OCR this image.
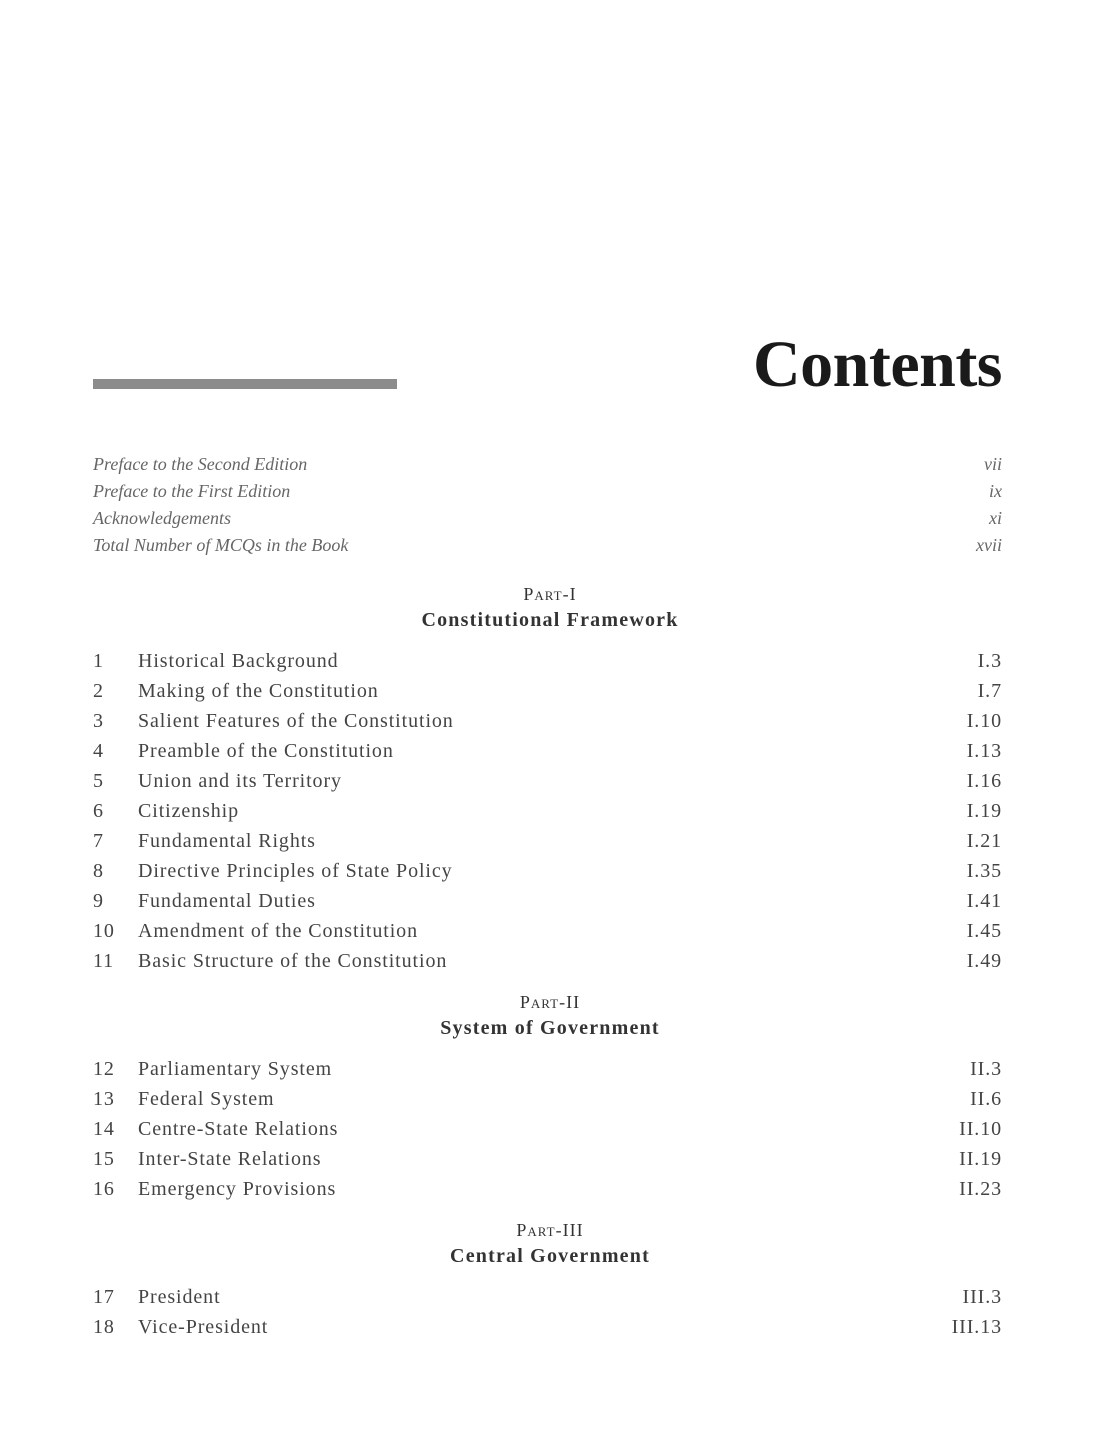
Contents
Preface to the Second Edition	vii
Preface to the First Edition	ix
Acknowledgements	xi
Total Number of MCQs in the Book	xvii
Part-I
Constitutional Framework
1 Historical Background	I.3
2 Making of the Constitution	I.7
3 Salient Features of the Constitution	I.10
4 Preamble of the Constitution	I.13
5 Union and its Territory	I.16
6 Citizenship	I.19
7 Fundamental Rights	I.21
8 Directive Principles of State Policy	I.35
9 Fundamental Duties	I.41
10 Amendment of the Constitution	I.45
11 Basic Structure of the Constitution	I.49
Part-II
System of Government
12 Parliamentary System	II.3
13 Federal System	II.6
14 Centre-State Relations	II.10
15 Inter-State Relations	II.19
16 Emergency Provisions	II.23
Part-III
Central Government
17 President	III.3
18 Vice-President	III.13
